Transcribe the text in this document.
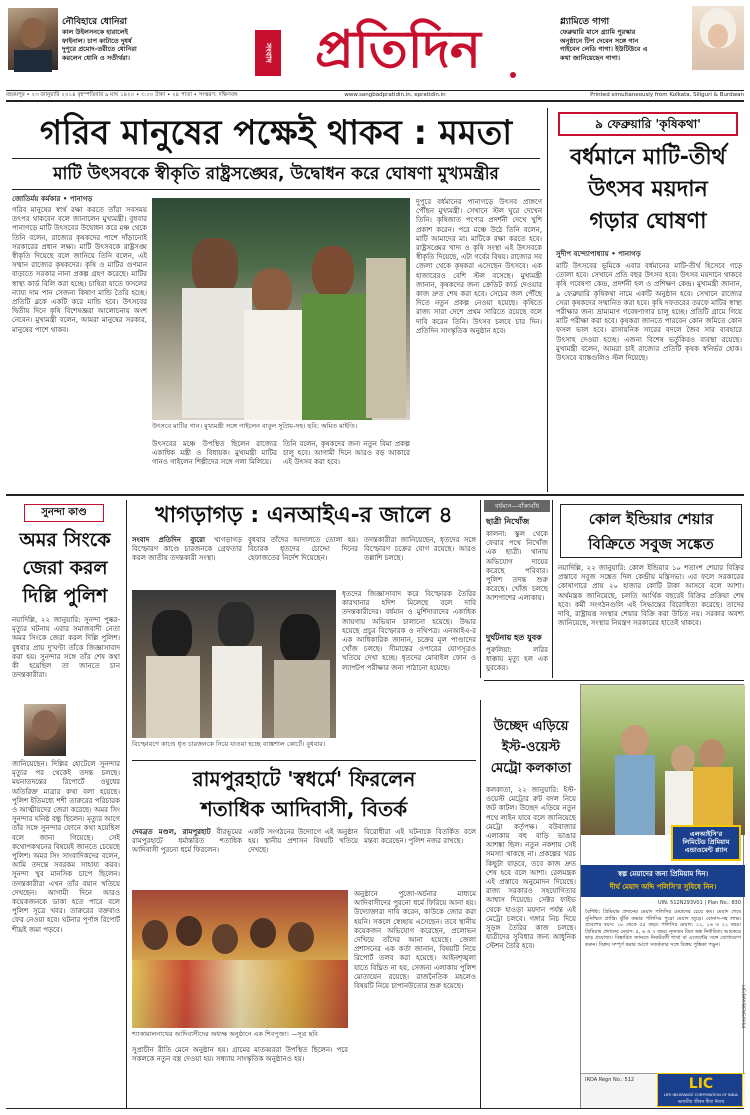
নৌবিহারে ধোনিরা
কাল উইলসনকে হারালেই
ফাইনাল। চাপ কাটাতে দুধর্ষ
দুপুরে প্রমোদ-তরীতে ধোনিরা
করলেন ধোনি ও সতীর্থরা।	সংবাদ প্রতিদিন	গ্ল্যামিতে গাগা
ফেব্রুয়ারি মাসে গ্র্যামি পুরস্কার
অনুষ্ঠানে টিপ দেবেন সঙ্গে গান
গাইবেন লেডি গাগা। ইউটিউবে এ
কথা জানিয়েছেন গাগা।
বহরমপুর • ২৩ জানুয়ারি ২০১৪ বৃহস্পতিবার ৯ মাঘ ১৪২০ • ৩.০০ টাকা • ২৪ পাতা • সংস্করণ: দক্ষিণবঙ্গ	www.sangbadpratidin.in, epratidin.in	Printed simultaneously from Kolkata, Siliguri & Burdwan
গরিব মানুষের পক্ষেই থাকব : মমতা
মাটি উৎসবকে স্বীকৃতি রাষ্ট্রসঙ্ঘের, উদ্বোধন করে ঘোষণা মুখ্যমন্ত্রীর
জোতিৰ্ময় কর্মকার • পানাগড়
গরিব মানুষের স্বার্থ রক্ষা করতে তাঁরা সবসময় তৎপর থাকবেন বলে জানালেন মুখ্যমন্ত্রী। বুধবার পানাগড়ে মাটি উৎসবের উদ্বোধন করে মঞ্চ থেকে তিনি বলেন, রাজ্যের কৃষকদের পাশে দাঁড়ানোই সরকারের প্রধান লক্ষ্য। মাটি উৎসবকে রাষ্ট্রসঙ্ঘ স্বীকৃতি দিয়েছে বলে জানিয়ে তিনি বলেন, এই সম্মান রাজ্যের কৃষকদের। কৃষি ও মাটির গুণমান বাড়াতে সরকার নানা প্রকল্প গ্রহণ করেছে। মাটির স্বাস্থ্য কার্ড বিলি করা হচ্ছে। চাষিরা যাতে ফসলের ন্যায্য দাম পান সেজন্য কিষাণ মান্ডি তৈরি হচ্ছে। প্রতিটি ব্লকে একটি করে মান্ডি হবে। উৎসবের দ্বিতীয় দিনে কৃষি বিশেষজ্ঞরা আলোচনায় অংশ নেবেন। মুখ্যমন্ত্রী বলেন, আমরা মানুষের সরকার, মানুষের পাশে থাকব।
উৎসবে মাটির গান। মুখ্যমন্ত্রী সঙ্গে গাইলেন বাবুল সুপ্রিয়-সহ। ছবি: অমিত মাইতি।
উৎসবের মঞ্চে উপস্থিত ছিলেন রাজ্যের একাধিক মন্ত্রী ও বিধায়ক। মুখ্যমন্ত্রী মাটির গানও গাইলেন শিল্পীদের সঙ্গে গলা মিলিয়ে।
তিনি বলেন, কৃষকদের জন্য নতুন বিমা প্রকল্প চালু হবে। আগামী দিনে আরও বড় আকারে এই উৎসব করা হবে।
দুপুরে বর্ধমানের পানাগড়ে উৎসব প্রাঙ্গণে পৌঁছন মুখ্যমন্ত্রী। সেখানে স্টল ঘুরে দেখেন তিনি। কৃষিজাত পণ্যের প্রদর্শনী দেখে খুশি প্রকাশ করেন। পরে মঞ্চে উঠে তিনি বলেন, মাটি আমাদের মা। মাটিকে রক্ষা করতে হবে। রাষ্ট্রসঙ্ঘের খাদ্য ও কৃষি সংস্থা এই উৎসবকে স্বীকৃতি দিয়েছে, এটা গর্বের বিষয়। রাজ্যের সব জেলা থেকে কৃষকরা এসেছেন উৎসবে। এক হাজারেরও বেশি স্টল বসেছে। মুখ্যমন্ত্রী জানান, কৃষকদের জন্য ক্রেডিট কার্ড দেওয়ার কাজ দ্রুত শেষ করা হবে। সেচের জল পৌঁছে দিতে নতুন প্রকল্প নেওয়া হয়েছে। কৃষিতে রাজ্য সারা দেশে প্রথম সারিতে রয়েছে বলে দাবি করেন তিনি। উৎসব চলবে চার দিন। প্রতিদিন সাংস্কৃতিক অনুষ্ঠান হবে।
৯ ফেব্রুয়ারি 'কৃষিকথা'
বর্ধমানে মাটি-তীর্থ
উৎসব ময়দান
গড়ার ঘোষণা
সুদীপ বন্দ্যোপাধ্যায় • পানাগড়
মাটি উৎসবের ভূমিকে এবার বর্ধমানের মাটি-তীর্থ হিসেবে গড়ে তোলা হবে। সেখানে প্রতি বছর উৎসব হবে। উৎসব ময়দানে থাকবে কৃষি গবেষণা কেন্দ্র, প্রদর্শনী হল ও প্রশিক্ষণ কেন্দ্র। মুখ্যমন্ত্রী জানান, ৯ ফেব্রুয়ারি কৃষিকথা নামে একটি অনুষ্ঠান হবে। সেখানে রাজ্যের সেরা কৃষকদের সম্মানিত করা হবে। কৃষি দফতরের তরফে মাটির স্বাস্থ্য পরীক্ষার জন্য ভ্রাম্যমাণ গবেষণাগার চালু হচ্ছে। প্রতিটি গ্রামে গিয়ে মাটি পরীক্ষা করা হবে। কৃষকরা জানতে পারবেন কোন জমিতে কোন ফসল ভাল হবে। রাসায়নিক সারের বদলে জৈব সার ব্যবহারে উৎসাহ দেওয়া হচ্ছে। এজন্য বিশেষ ভর্তুকিরও ব্যবস্থা রয়েছে। মুখ্যমন্ত্রী বলেন, আমরা চাই রাজ্যের প্রতিটি কৃষক স্বনির্ভর হোক। উৎসবে ব্যাঙ্কগুলিও স্টল দিয়েছে।
সুনন্দা কাণ্ড
অমর সিংকে
জেরা করল
দিল্লি পুলিশ
নয়াদিল্লি, ২২ জানুয়ারি: সুনন্দা পুষ্কর-মৃত্যুর ঘটনায় এবার সমাজবাদী নেতা অমর সিংকে জেরা করল দিল্লি পুলিশ। বুধবার প্রায় দু'ঘণ্টা তাঁকে জিজ্ঞাসাবাদ করা হয়। সুনন্দার সঙ্গে তাঁর শেষ কথা কী হয়েছিল তা জানতে চান তদন্তকারীরা।
জানিয়েছেন। দিল্লির হোটেলে সুনন্দার মৃত্যুর পর থেকেই তদন্ত চলছে। ময়নাতদন্তের রিপোর্টে ওষুধের অতিরিক্ত মাত্রার কথা বলা হয়েছে। পুলিশ ইতিমধ্যে শশী তারুরের পরিচারক ও আত্মীয়দের জেরা করেছে। অমর সিং সুনন্দার ঘনিষ্ঠ বন্ধু ছিলেন। মৃত্যুর আগে তাঁর সঙ্গে সুনন্দার ফোনে কথা হয়েছিল বলে জানা গিয়েছে। সেই কথোপকথনের বিষয়েই জানতে চেয়েছে পুলিশ। অমর সিং সাংবাদিকদের বলেন, আমি তদন্তে সবরকম সাহায্য করব। সুনন্দা খুব মানসিক চাপে ছিলেন। তদন্তকারীরা এখন তাঁর বয়ান খতিয়ে দেখছেন। আগামী দিনে আরও কয়েকজনকে ডাকা হতে পারে বলে পুলিশ সূত্রে খবর। তারুরের বক্তব্যও ফের নেওয়া হবে। ঘটনার পূর্ণাঙ্গ রিপোর্ট শীঘ্রই জমা পড়বে।
খাগড়াগড় : এনআইএ-র জালে ৪
সংবাদ প্রতিদিন ব্যুরো খাগড়াগড় বিস্ফোরণ কাণ্ডে চারজনকে গ্রেফতার করল জাতীয় তদন্তকারী সংস্থা।
বুধবার তাঁদের আদালতে তোলা হয়। বিচারক ধৃতদের চোদ্দো দিনের হেফাজতের নির্দেশ দিয়েছেন।
তদন্তকারীরা জানিয়েছেন, ধৃতদের সঙ্গে বিস্ফোরণ চক্রের যোগ রয়েছে। আরও তল্লাশি চলছে।
বিস্ফোরণে কাণ্ডে ধৃত চারজনকে নিয়ে যাওয়া হচ্ছে ব্যাঙ্কশাল কোর্টে। বুধবার।
ধৃতদের জিজ্ঞাসাবাদ করে বিস্ফোরক তৈরির কারখানার হদিশ মিলেছে বলে দাবি তদন্তকারীদের। বর্ধমান ও মুর্শিদাবাদের একাধিক জায়গায় অভিযান চালানো হয়েছে। উদ্ধার হয়েছে প্রচুর বিস্ফোরক ও নথিপত্র। এনআইএ-র এক আধিকারিক জানান, চক্রের মূল পাণ্ডাদের খোঁজ চলছে। সীমান্তের ওপারের যোগসূত্রও খতিয়ে দেখা হচ্ছে। ধৃতদের মোবাইল ফোন ও ল্যাপটপ পরীক্ষার জন্য পাঠানো হয়েছে।
বর্ধমান—বাঁকাবাঁধ
ছাত্রী নিখোঁজ
কালনা: স্কুল থেকে ফেরার পথে নিখোঁজ এক ছাত্রী। থানায় অভিযোগ দায়ের করেছে পরিবার। পুলিশ তদন্ত শুরু করেছে। খোঁজ চলছে আশপাশের এলাকায়।
দুর্ঘটনায় হত যুবক
পুরুলিয়া: লরির ধাক্কায় মৃত্যু হল এক যুবকের।
কোল ইন্ডিয়ার শেয়ার
বিক্রিতে সবুজ সঙ্কেত
নয়াদিল্লি, ২২ জানুয়ারি: কোল ইন্ডিয়ার ১০ শতাংশ শেয়ার বিক্রির প্রস্তাবে সবুজ সঙ্কেত দিল কেন্দ্রীয় মন্ত্রিসভা। এর ফলে সরকারের কোষাগারে প্রায় ২০ হাজার কোটি টাকা আসবে বলে আশা। অর্থমন্ত্রক জানিয়েছে, চলতি আর্থিক বছরেই বিক্রির প্রক্রিয়া শেষ হবে। কর্মী সংগঠনগুলি এই সিদ্ধান্তের বিরোধিতা করেছে। তাদের দাবি, রাষ্ট্রায়ত্ত সংস্থার শেয়ার বিক্রি করা উচিত নয়। সরকার অবশ্য জানিয়েছে, সংস্থার নিয়ন্ত্রণ সরকারের হাতেই থাকবে।
রামপুরহাটে 'স্বধর্মে' ফিরলেন
শতাধিক আদিবাসী, বিতর্ক
দেবব্রত মণ্ডল, রামপুরহাট বীরভূমের রামপুরহাটে ধর্মান্তরিত শতাধিক আদিবাসী পুরনো ধর্মে ফিরলেন।
একটি সংগঠনের উদ্যোগে এই অনুষ্ঠান হয়। স্থানীয় প্রশাসন বিষয়টি খতিয়ে দেখছে।
বিরোধীরা এই ঘটনাকে বিতর্কিত বলে মন্তব্য করেছেন। পুলিশ নজর রাখছে।
শ্যাকামালনাথের আদিবাসীদের অধ্যক্ষ অনুষ্ঠানে এক শিবপুজা। —সূত্র ছবি
অনুষ্ঠানে পুজো-অর্চনার মাধ্যমে আদিবাসীদের পুরনো ধর্মে ফিরিয়ে আনা হয়। উদ্যোক্তারা দাবি করেন, কাউকে জোর করা হয়নি। সকলে স্বেচ্ছায় এসেছেন। তবে স্থানীয় কয়েকজন অভিযোগ করেছেন, প্রলোভন দেখিয়ে তাঁদের আনা হয়েছে। জেলা প্রশাসনের এক কর্তা জানান, বিষয়টি নিয়ে রিপোর্ট তলব করা হয়েছে। আইনশৃঙ্খলা যাতে বিঘ্নিত না হয়, সেজন্য এলাকায় পুলিশ মোতায়েন রয়েছে। রাজনৈতিক মহলেও বিষয়টি নিয়ে চাপানউতোর শুরু হয়েছে।
সুপ্রাচীন রীতি মেনে অনুষ্ঠান হয়। গ্রামের মাতব্বররা উপস্থিত ছিলেন। পরে সকলকে নতুন বস্ত্র দেওয়া হয়। সন্ধ্যায় সাংস্কৃতিক অনুষ্ঠানও হয়।
উচ্ছেদ এড়িয়ে
ইস্ট-ওয়েস্ট
মেট্রো কলকাতা
কলকাতা, ২২ জানুয়ারি: ইস্ট-ওয়েস্ট মেট্রোর রুট বদল নিয়ে জট কাটল। উচ্ছেদ এড়িয়ে নতুন পথে লাইন যাবে বলে জানিয়েছে মেট্রো কর্তৃপক্ষ। বউবাজার এলাকায় বহু বাড়ি ভাঙার আশঙ্কা ছিল। নতুন নকশায় সেই সমস্যা থাকছে না। প্রকল্পের খরচ কিছুটা বাড়বে, তবে কাজ দ্রুত শেষ হবে বলে আশা। রেলমন্ত্রক এই প্রস্তাবে অনুমোদন দিয়েছে। রাজ্য সরকারও সহযোগিতার আশ্বাস দিয়েছে। সেক্টর ফাইভ থেকে হাওড়া ময়দান পর্যন্ত এই মেট্রো চলবে। গঙ্গার নিচ দিয়ে সুড়ঙ্গ তৈরির কাজ চলছে। যাত্রীদের সুবিধার জন্য আধুনিক স্টেশন তৈরি হবে।
এলআইসি'র
লিমিটেড প্রিমিয়াম এন্ডাওমেন্ট প্ল্যান
স্বল্প মেয়াদের জন্য প্রিমিয়াম দিন।
দীর্ঘ মেয়াদ অব্দি পলিসি'র সুবিধে নিন।
UIN: 512N293V01 | Plan No.: 830
বৈশিষ্ট্য: প্রিমিয়াম প্রদানের মেয়াদ পলিসির মেয়াদের চেয়ে কম। মেয়াদ শেষে সুনিশ্চিত প্রাপ্তি। ঝুঁকি কভার পলিসির পুরো মেয়াদ জুড়ে। বোনাস-সহ লাভ। প্রবেশের বয়স: ১৮ থেকে ৫৫ বছর। পলিসির মেয়াদ: ১২, ১৬ ও ২১ বছর। প্রিমিয়াম প্রদানের মেয়াদ: ৫, ৬ ও ৭ বছর। ন্যূনতম বিমা অঙ্ক নির্ধারিত। আয়করে ছাড় প্রযোজ্য। বিস্তারিত জানতে নিকটবর্তী শাখা বা এজেন্টের সঙ্গে যোগাযোগ করুন। বিক্রয় সম্পূর্ণ করার আগে সতর্কতার সঙ্গে বিক্রয় পুস্তিকা পড়ুন।
IRDA Regn No.: 512	LIC
LIFE INSURANCE CORPORATION OF INDIA
ভারতীয় জীবন বীমা নিগম
LIC/DAY/BENG/9/14
